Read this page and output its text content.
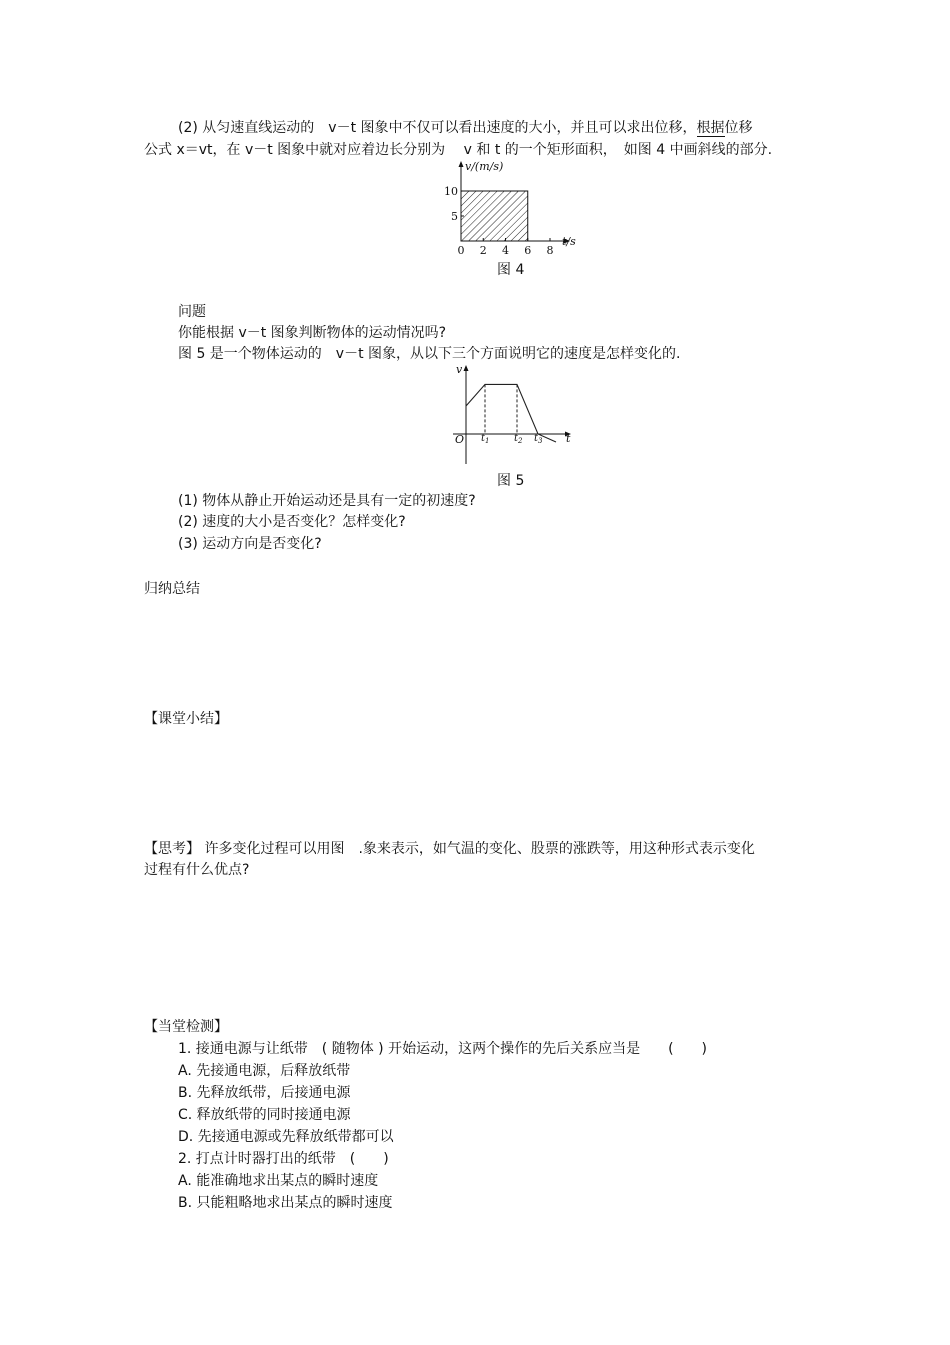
(2) 从匀速直线运动的　v－t 图象中不仅可以看出速度的大小，并且可以求出位移，根据位移
公式 x＝vt，在 v－t 图象中就对应着边长分别为　 v 和 t 的一个矩形面积，　如图 4 中画斜线的部分.
0 2 4 6 8
5
10
v/(m/s)
t/s
图 4
问题
你能根据 v－t 图象判断物体的运动情况吗?
图 5 是一个物体运动的　v－t 图象，从以下三个方面说明它的速度是怎样变化的.
v
O	t
$t_1$ $t_2$ $t_3$
图 5
(1) 物体从静止开始运动还是具有一定的初速度?
(2) 速度的大小是否变化？怎样变化?
(3) 运动方向是否变化?
归纳总结
【课堂小结】
【思考】 许多变化过程可以用图　.象来表示，如气温的变化、股票的涨跌等，用这种形式表示变化
过程有什么优点?
【当堂检测】
1. 接通电源与让纸带　( 随物体 ) 开始运动，这两个操作的先后关系应当是　　(　　)
A. 先接通电源，后释放纸带
B. 先释放纸带，后接通电源
C. 释放纸带的同时接通电源
D. 先接通电源或先释放纸带都可以
2. 打点计时器打出的纸带　(　　)
A. 能准确地求出某点的瞬时速度
B. 只能粗略地求出某点的瞬时速度
